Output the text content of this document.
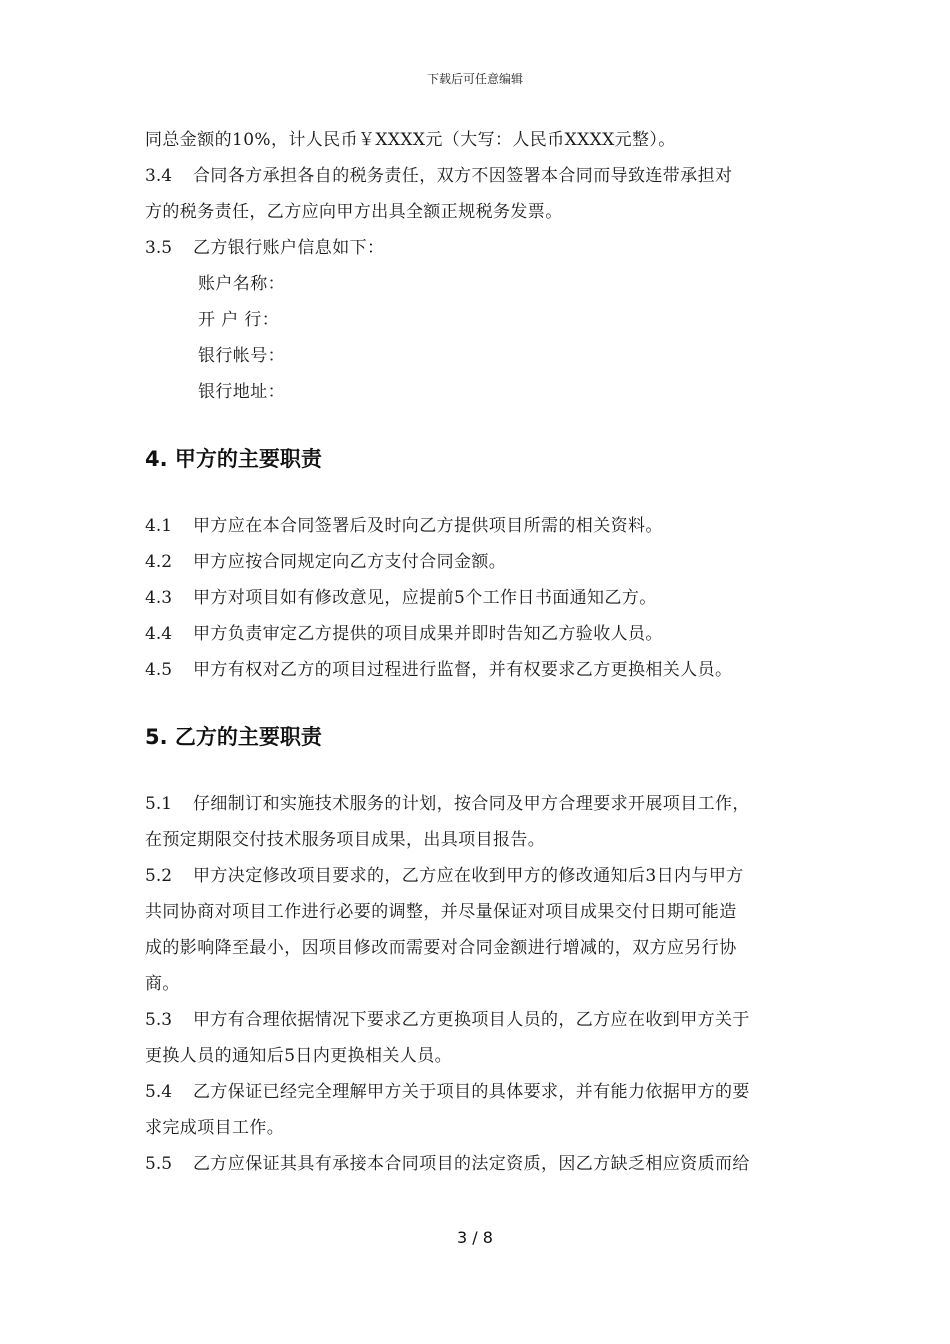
下载后可任意编辑
同总金额的10%，计人民币￥XXXX元（大写：人民币XXXX元整）。
3.4 合同各方承担各自的税务责任，双方不因签署本合同而导致连带承担对
方的税务责任，乙方应向甲方出具全额正规税务发票。
3.5 乙方银行账户信息如下：
账户名称：
开 户 行：
银行帐号：
银行地址：
4. 甲方的主要职责
4.1 甲方应在本合同签署后及时向乙方提供项目所需的相关资料。
4.2 甲方应按合同规定向乙方支付合同金额。
4.3 甲方对项目如有修改意见，应提前5个工作日书面通知乙方。
4.4 甲方负责审定乙方提供的项目成果并即时告知乙方验收人员。
4.5 甲方有权对乙方的项目过程进行监督，并有权要求乙方更换相关人员。
5. 乙方的主要职责
5.1 仔细制订和实施技术服务的计划，按合同及甲方合理要求开展项目工作，
在预定期限交付技术服务项目成果，出具项目报告。
5.2 甲方决定修改项目要求的，乙方应在收到甲方的修改通知后3日内与甲方
共同协商对项目工作进行必要的调整，并尽量保证对项目成果交付日期可能造
成的影响降至最小，因项目修改而需要对合同金额进行增减的，双方应另行协
商。
5.3 甲方有合理依据情况下要求乙方更换项目人员的，乙方应在收到甲方关于
更换人员的通知后5日内更换相关人员。
5.4 乙方保证已经完全理解甲方关于项目的具体要求，并有能力依据甲方的要
求完成项目工作。
5.5 乙方应保证其具有承接本合同项目的法定资质，因乙方缺乏相应资质而给
3 / 8
